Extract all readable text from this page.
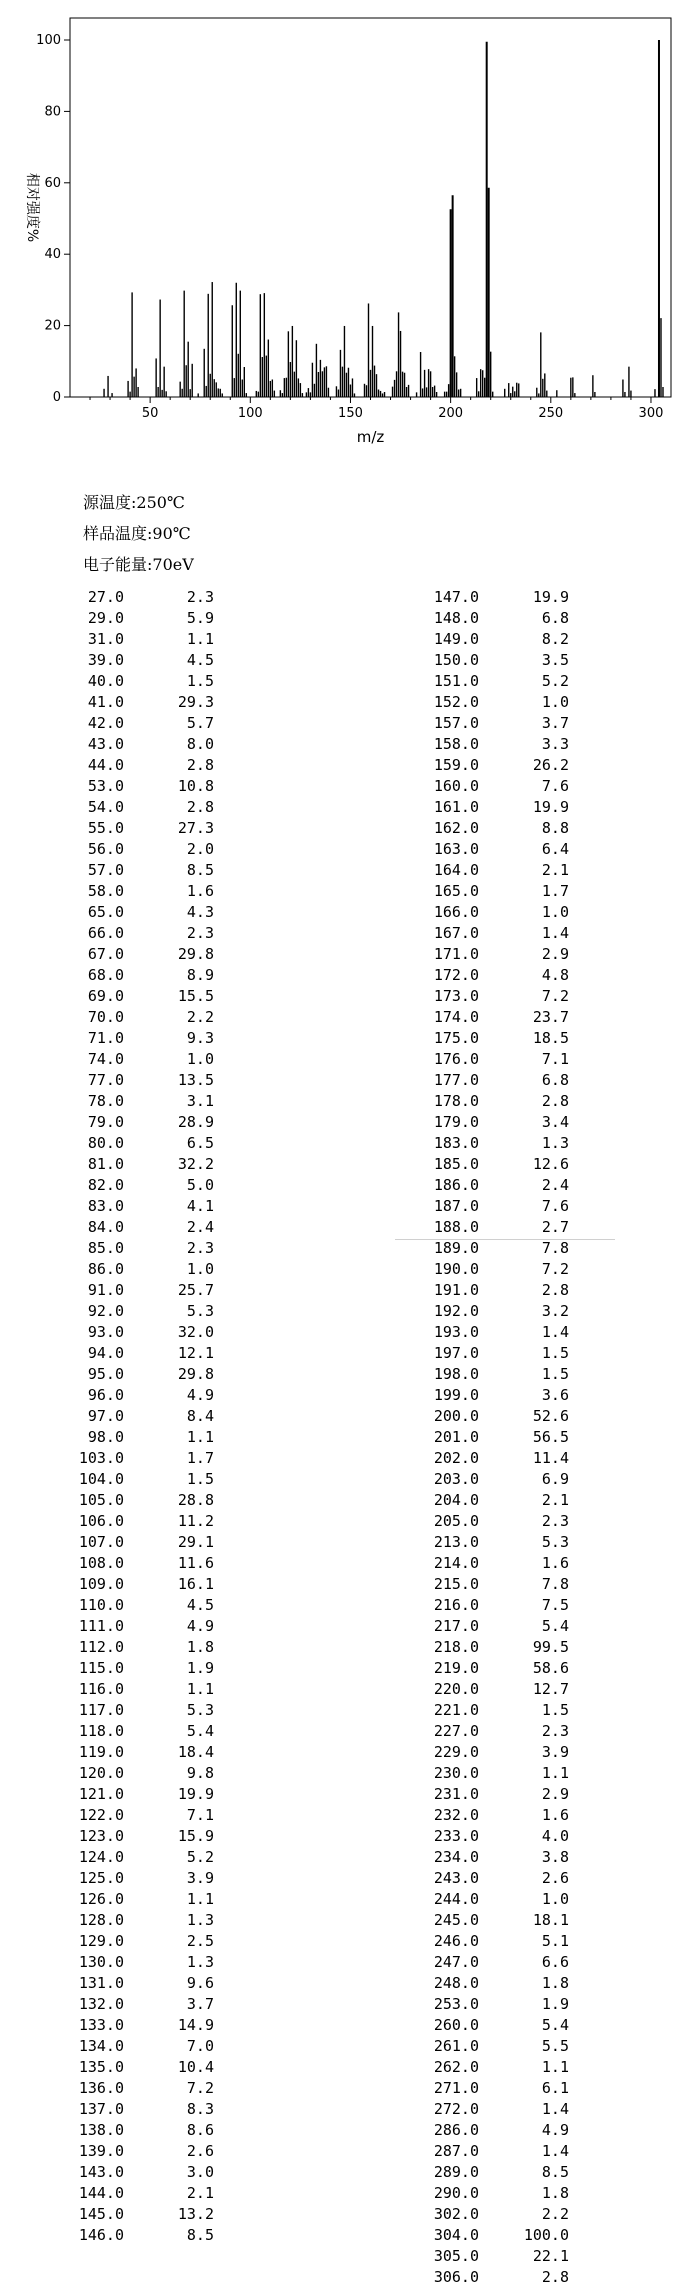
0
20
40
60
80
100
50	100	150	200	250	300
m/z
相对强度%
源温度:250℃
样品温度:90℃
电子能量:70eV
27.0	2.3
29.0	5.9
31.0	1.1
39.0	4.5
40.0	1.5
41.0	29.3
42.0	5.7
43.0	8.0
44.0	2.8
53.0	10.8
54.0	2.8
55.0	27.3
56.0	2.0
57.0	8.5
58.0	1.6
65.0	4.3
66.0	2.3
67.0	29.8
68.0	8.9
69.0	15.5
70.0	2.2
71.0	9.3
74.0	1.0
77.0	13.5
78.0	3.1
79.0	28.9
80.0	6.5
81.0	32.2
82.0	5.0
83.0	4.1
84.0	2.4
85.0	2.3
86.0	1.0
91.0	25.7
92.0	5.3
93.0	32.0
94.0	12.1
95.0	29.8
96.0	4.9
97.0	8.4
98.0	1.1
103.0	1.7
104.0	1.5
105.0	28.8
106.0	11.2
107.0	29.1
108.0	11.6
109.0	16.1
110.0	4.5
111.0	4.9
112.0	1.8
115.0	1.9
116.0	1.1
117.0	5.3
118.0	5.4
119.0	18.4
120.0	9.8
121.0	19.9
122.0	7.1
123.0	15.9
124.0	5.2
125.0	3.9
126.0	1.1
128.0	1.3
129.0	2.5
130.0	1.3
131.0	9.6
132.0	3.7
133.0	14.9
134.0	7.0
135.0	10.4
136.0	7.2
137.0	8.3
138.0	8.6
139.0	2.6
143.0	3.0
144.0	2.1
145.0	13.2
146.0	8.5
147.0	19.9
148.0	6.8
149.0	8.2
150.0	3.5
151.0	5.2
152.0	1.0
157.0	3.7
158.0	3.3
159.0	26.2
160.0	7.6
161.0	19.9
162.0	8.8
163.0	6.4
164.0	2.1
165.0	1.7
166.0	1.0
167.0	1.4
171.0	2.9
172.0	4.8
173.0	7.2
174.0	23.7
175.0	18.5
176.0	7.1
177.0	6.8
178.0	2.8
179.0	3.4
183.0	1.3
185.0	12.6
186.0	2.4
187.0	7.6
188.0	2.7
189.0	7.8
190.0	7.2
191.0	2.8
192.0	3.2
193.0	1.4
197.0	1.5
198.0	1.5
199.0	3.6
200.0	52.6
201.0	56.5
202.0	11.4
203.0	6.9
204.0	2.1
205.0	2.3
213.0	5.3
214.0	1.6
215.0	7.8
216.0	7.5
217.0	5.4
218.0	99.5
219.0	58.6
220.0	12.7
221.0	1.5
227.0	2.3
229.0	3.9
230.0	1.1
231.0	2.9
232.0	1.6
233.0	4.0
234.0	3.8
243.0	2.6
244.0	1.0
245.0	18.1
246.0	5.1
247.0	6.6
248.0	1.8
253.0	1.9
260.0	5.4
261.0	5.5
262.0	1.1
271.0	6.1
272.0	1.4
286.0	4.9
287.0	1.4
289.0	8.5
290.0	1.8
302.0	2.2
304.0	100.0
305.0	22.1
306.0	2.8
